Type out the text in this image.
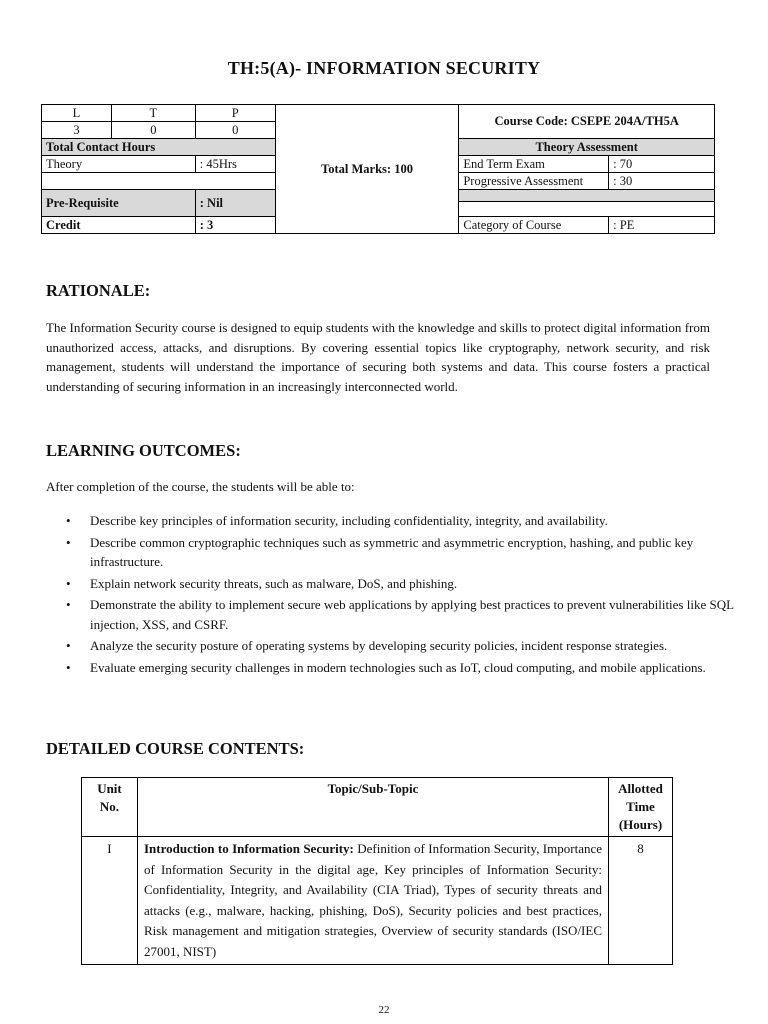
TH:5(A)- INFORMATION SECURITY
L	T	P	Total Marks: 100	Course Code: CSEPE 204A/TH5A	
3	0	0			
Total Contact Hours				Theory Assessment	
Theory		: 45Hrs		End Term Exam	: 70
				Progressive Assessment	: 30
Pre-Requisite		: Nil			

Credit		: 3		Category of Course	: PE
RATIONALE:
The Information Security course is designed to equip students with the knowledge and skills to protect digital information from unauthorized access, attacks, and disruptions. By covering essential topics like cryptography, network security, and risk management, students will understand the importance of securing both systems and data. This course fosters a practical understanding of securing information in an increasingly interconnected world.
LEARNING OUTCOMES:
After completion of the course, the students will be able to:
• Describe key principles of information security, including confidentiality, integrity, and availability.
• Describe common cryptographic techniques such as symmetric and asymmetric encryption, hashing, and public key infrastructure.
• Explain network security threats, such as malware, DoS, and phishing.
• Demonstrate the ability to implement secure web applications by applying best practices to prevent vulnerabilities like SQL injection, XSS, and CSRF.
• Analyze the security posture of operating systems by developing security policies, incident response strategies.
• Evaluate emerging security challenges in modern technologies such as IoT, cloud computing, and mobile applications.
DETAILED COURSE CONTENTS:
Unit No.	Topic/Sub-Topic	Allotted Time (Hours)
I	Introduction to Information Security: Definition of Information Security, Importance of Information Security in the digital age, Key principles of Information Security: Confidentiality, Integrity, and Availability (CIA Triad), Types of security threats and attacks (e.g., malware, hacking, phishing, DoS), Security policies and best practices, Risk management and mitigation strategies, Overview of security standards (ISO/IEC 27001, NIST)	8
22
